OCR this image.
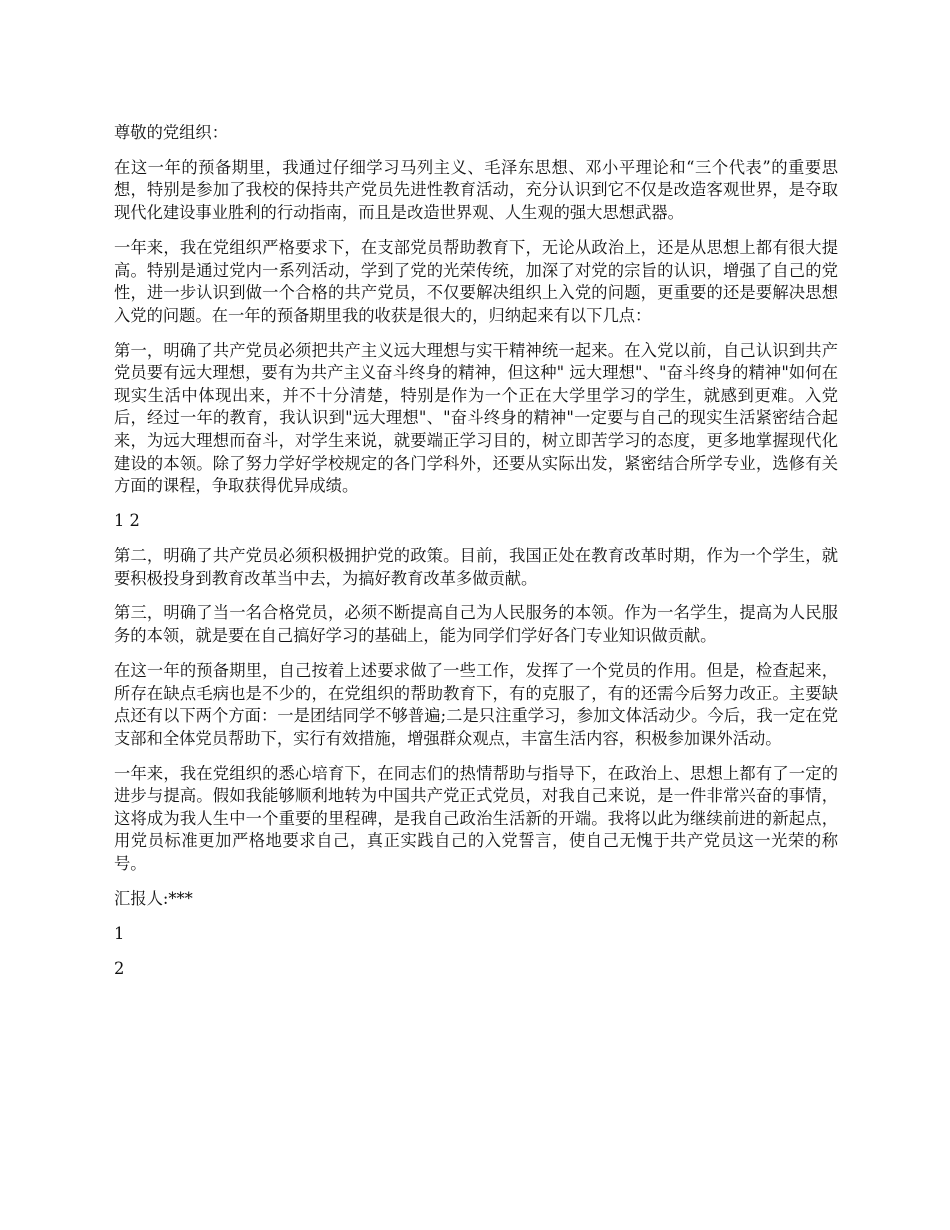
尊敬的党组织：

在这一年的预备期里，我通过仔细学习马列主义、毛泽东思想、邓小平理论和“三个代表”的重要思想，特别是参加了我校的保持共产党员先进性教育活动，充分认识到它不仅是改造客观世界，是夺取现代化建设事业胜利的行动指南，而且是改造世界观、人生观的强大思想武器。

一年来，我在党组织严格要求下，在支部党员帮助教育下，无论从政治上，还是从思想上都有很大提高。特别是通过党内一系列活动，学到了党的光荣传统，加深了对党的宗旨的认识，增强了自己的党性，进一步认识到做一个合格的共产党员，不仅要解决组织上入党的问题，更重要的还是要解决思想入党的问题。在一年的预备期里我的收获是很大的，归纳起来有以下几点：

第一，明确了共产党员必须把共产主义远大理想与实干精神统一起来。在入党以前，自己认识到共产党员要有远大理想，要有为共产主义奋斗终身的精神，但这种" 远大理想"、"奋斗终身的精神"如何在现实生活中体现出来，并不十分清楚，特别是作为一个正在大学里学习的学生，就感到更难。入党后，经过一年的教育，我认识到"远大理想"、"奋斗终身的精神"一定要与自己的现实生活紧密结合起来，为远大理想而奋斗，对学生来说，就要端正学习目的，树立即苦学习的态度，更多地掌握现代化建设的本领。除了努力学好学校规定的各门学科外，还要从实际出发，紧密结合所学专业，选修有关方面的课程，争取获得优异成绩。

1 2

第二，明确了共产党员必须积极拥护党的政策。目前，我国正处在教育改革时期，作为一个学生，就要积极投身到教育改革当中去，为搞好教育改革多做贡献。

第三，明确了当一名合格党员，必须不断提高自己为人民服务的本领。作为一名学生，提高为人民服务的本领，就是要在自己搞好学习的基础上，能为同学们学好各门专业知识做贡献。

在这一年的预备期里，自己按着上述要求做了一些工作，发挥了一个党员的作用。但是，检查起来，所存在缺点毛病也是不少的，在党组织的帮助教育下，有的克服了，有的还需今后努力改正。主要缺点还有以下两个方面：一是团结同学不够普遍;二是只注重学习，参加文体活动少。今后，我一定在党支部和全体党员帮助下，实行有效措施，增强群众观点，丰富生活内容，积极参加课外活动。

一年来，我在党组织的悉心培育下，在同志们的热情帮助与指导下，在政治上、思想上都有了一定的进步与提高。假如我能够顺利地转为中国共产党正式党员，对我自己来说，是一件非常兴奋的事情，这将成为我人生中一个重要的里程碑，是我自己政治生活新的开端。我将以此为继续前进的新起点，用党员标准更加严格地要求自己，真正实践自己的入党誓言，使自己无愧于共产党员这一光荣的称号。

汇报人:***

1

2
